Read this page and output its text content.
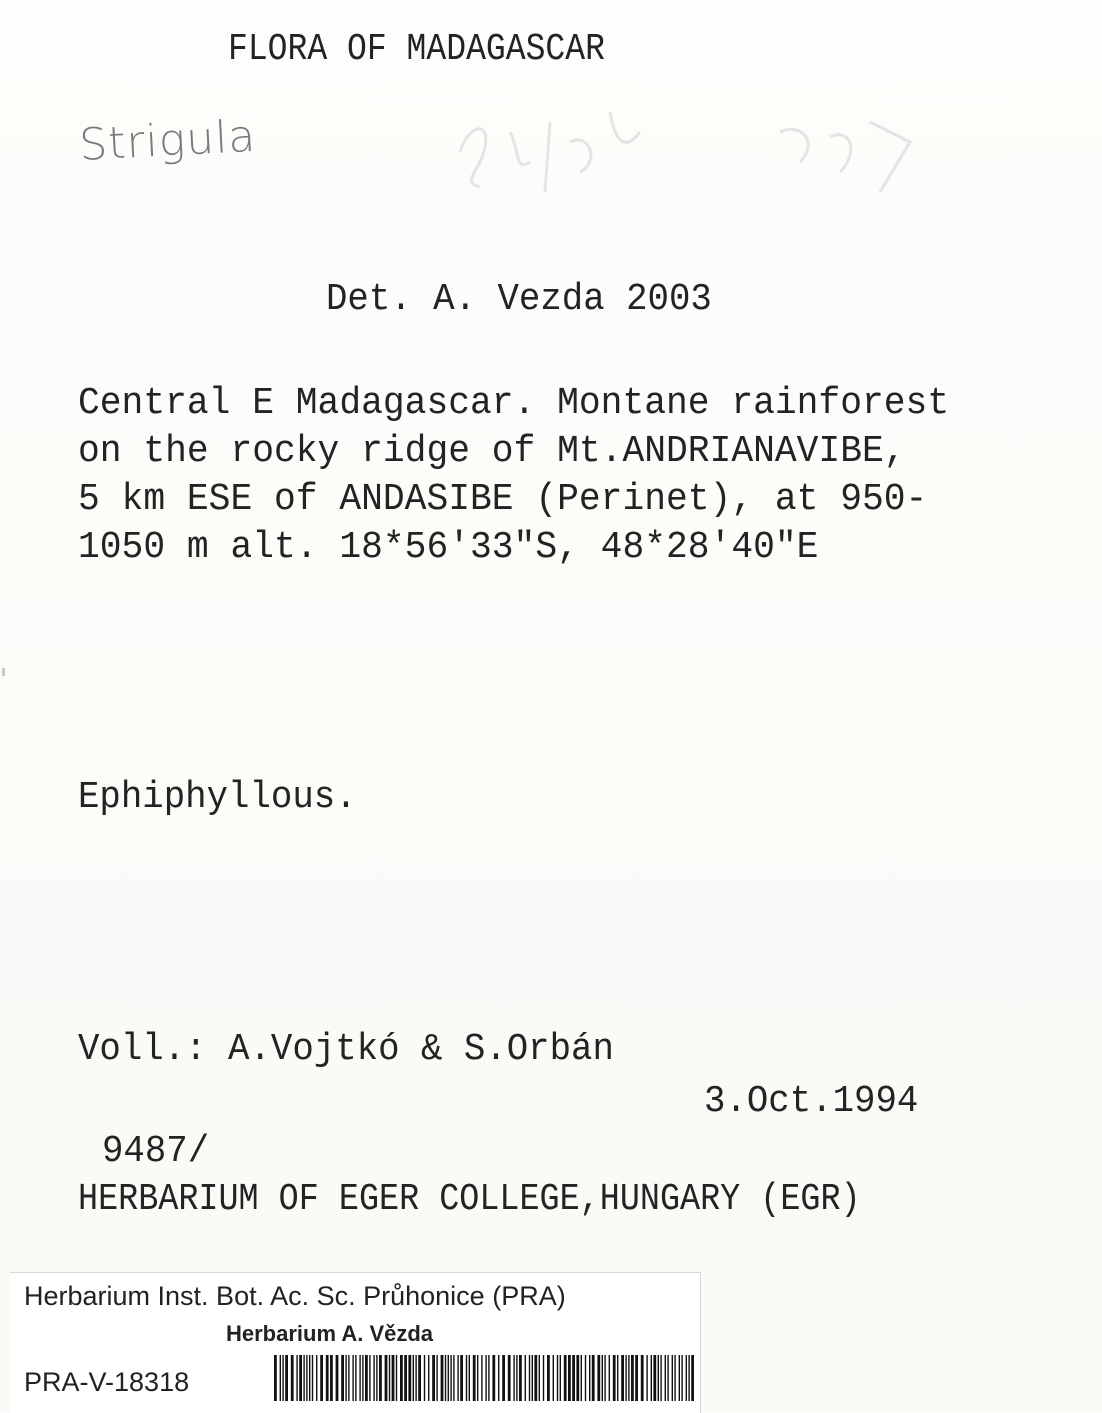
FLORA OF MADAGASCAR
Strigula
Det. A. Vezda 2003
Central E Madagascar. Montane rainforest
on the rocky ridge of Mt.ANDRIANAVIBE,
5 km ESE of ANDASIBE (Perinet), at 950-
1050 m alt. 18*56'33"S, 48*28'40"E
Ephiphyllous.
Voll.: A.Vojtkó & S.Orbán
3.Oct.1994
9487/
HERBARIUM OF EGER COLLEGE,HUNGARY (EGR)
Herbarium Inst. Bot. Ac. Sc. Průhonice (PRA)
Herbarium A. Vězda
PRA-V-18318
